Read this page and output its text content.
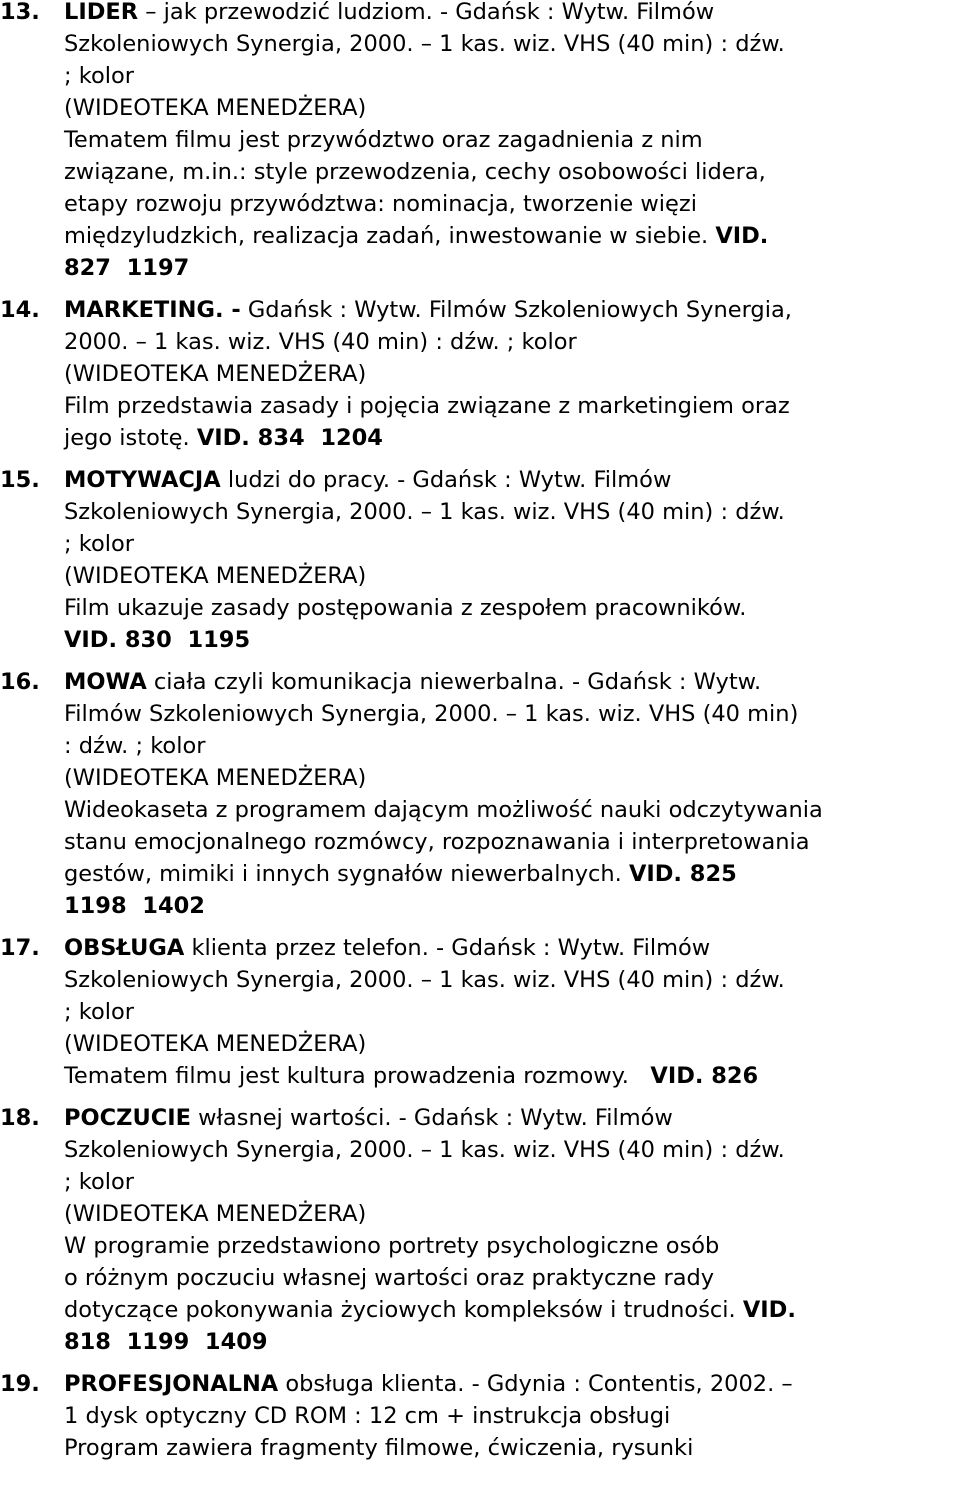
13.	LIDER – jak przewodzić ludziom. - Gdańsk : Wytw. Filmów
Szkoleniowych Synergia, 2000. – 1 kas. wiz. VHS (40 min) : dźw.
; kolor
(WIDEOTEKA MENEDŻERA)
Tematem filmu jest przywództwo oraz zagadnienia z nim
związane, m.in.: style przewodzenia, cechy osobowości lidera,
etapy rozwoju przywództwa: nominacja, tworzenie więzi
międzyludzkich, realizacja zadań, inwestowanie w siebie. VID.
827  1197
14.	MARKETING. - Gdańsk : Wytw. Filmów Szkoleniowych Synergia,
2000. – 1 kas. wiz. VHS (40 min) : dźw. ; kolor
(WIDEOTEKA MENEDŻERA)
Film przedstawia zasady i pojęcia związane z marketingiem oraz
jego istotę. VID. 834  1204
15.	MOTYWACJA ludzi do pracy. - Gdańsk : Wytw. Filmów
Szkoleniowych Synergia, 2000. – 1 kas. wiz. VHS (40 min) : dźw.
; kolor
(WIDEOTEKA MENEDŻERA)
Film ukazuje zasady postępowania z zespołem pracowników.
VID. 830  1195
16.	MOWA ciała czyli komunikacja niewerbalna. - Gdańsk : Wytw.
Filmów Szkoleniowych Synergia, 2000. – 1 kas. wiz. VHS (40 min)
: dźw. ; kolor
(WIDEOTEKA MENEDŻERA)
Wideokaseta z programem dającym możliwość nauki odczytywania
stanu emocjonalnego rozmówcy, rozpoznawania i interpretowania
gestów, mimiki i innych sygnałów niewerbalnych. VID. 825
1198  1402
17.	OBSŁUGA klienta przez telefon. - Gdańsk : Wytw. Filmów
Szkoleniowych Synergia, 2000. – 1 kas. wiz. VHS (40 min) : dźw.
; kolor
(WIDEOTEKA MENEDŻERA)
Tematem filmu jest kultura prowadzenia rozmowy. VID. 826
18.	POCZUCIE własnej wartości. - Gdańsk : Wytw. Filmów
Szkoleniowych Synergia, 2000. – 1 kas. wiz. VHS (40 min) : dźw.
; kolor
(WIDEOTEKA MENEDŻERA)
W programie przedstawiono portrety psychologiczne osób
o różnym poczuciu własnej wartości oraz praktyczne rady
dotyczące pokonywania życiowych kompleksów i trudności. VID.
818  1199  1409
19.	PROFESJONALNA obsługa klienta. - Gdynia : Contentis, 2002. –
1 dysk optyczny CD ROM : 12 cm + instrukcja obsługi
Program zawiera fragmenty filmowe, ćwiczenia, rysunki
